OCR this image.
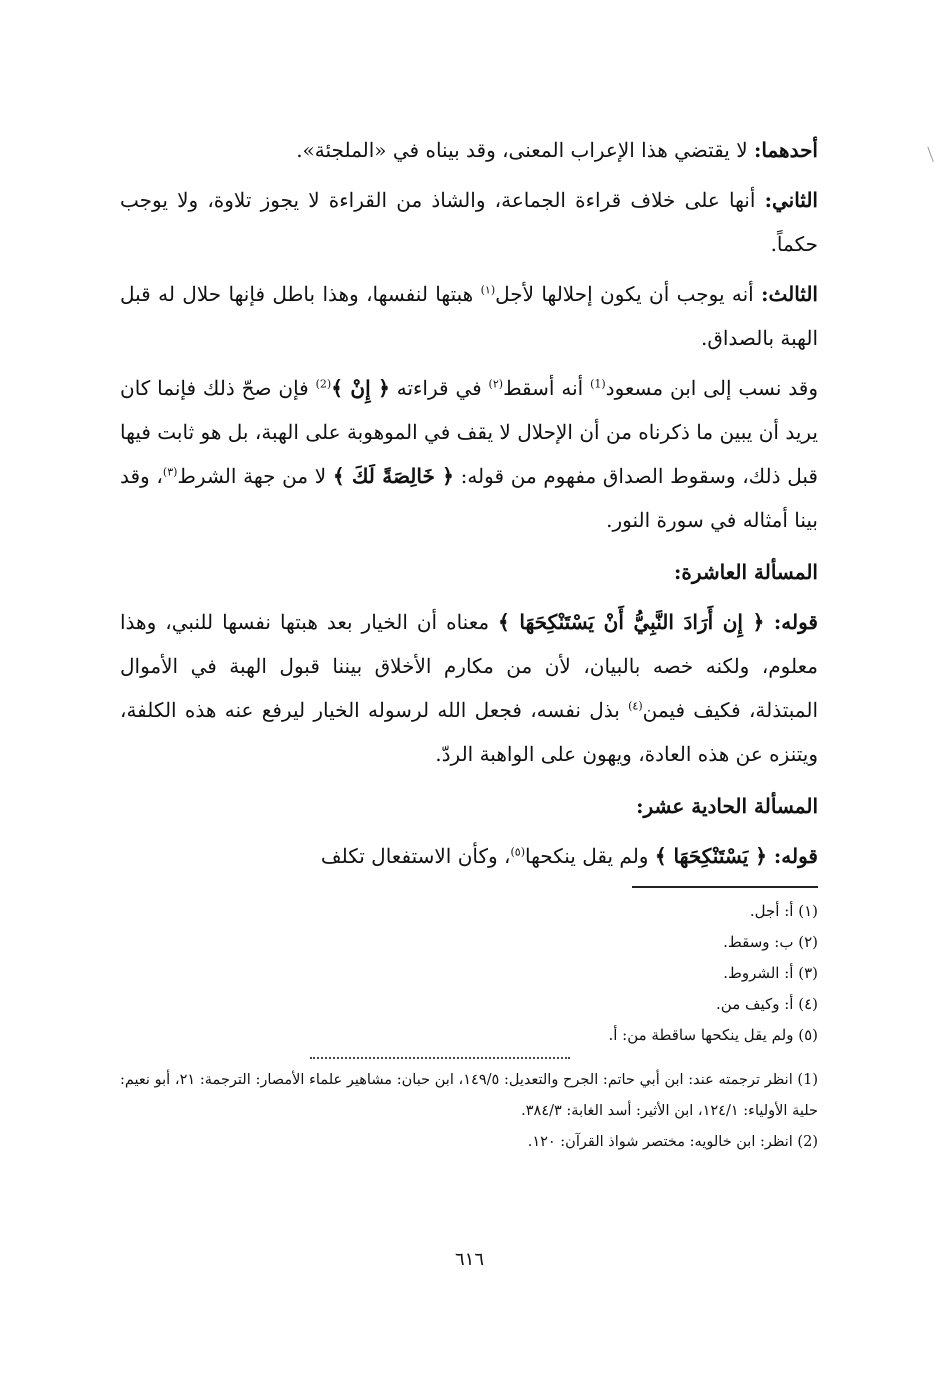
أحدهما: لا يقتضي هذا الإعراب المعنى، وقد بيناه في «الملجئة».

الثاني: أنها على خلاف قراءة الجماعة، والشاذ من القراءة لا يجوز تلاوة، ولا يوجب حكماً.

الثالث: أنه يوجب أن يكون إحلالها لأجل$^{(١)}$ هبتها لنفسها، وهذا باطل فإنها حلال له قبل الهبة بالصداق.

وقد نسب إلى ابن مسعود$^{(1)}$ أنه أسقط$^{(٢)}$ في قراءته ﴿ إِنْ ﴾$^{(2)}$ فإن صحّ ذلك فإنما كان يريد أن يبين ما ذكرناه من أن الإحلال لا يقف في الموهوبة على الهبة، بل هو ثابت فيها قبل ذلك، وسقوط الصداق مفهوم من قوله: ﴿ خَالِصَةً لَكَ ﴾ لا من جهة الشرط$^{(٣)}$، وقد بينا أمثاله في سورة النور.

المسألة العاشرة:

قوله: ﴿ إِن أَرَادَ النَّبِيُّ أَنْ يَسْتَنْكِحَهَا ﴾ معناه أن الخيار بعد هبتها نفسها للنبي، وهذا معلوم، ولكنه خصه بالبيان، لأن من مكارم الأخلاق بيننا قبول الهبة في الأموال المبتذلة، فكيف فيمن$^{(٤)}$ بذل نفسه، فجعل الله لرسوله الخيار ليرفع عنه هذه الكلفة، ويتنزه عن هذه العادة، ويهون على الواهبة الردّ.

المسألة الحادية عشر:

قوله: ﴿ يَسْتَنْكِحَهَا ﴾ ولم يقل ينكحها$^{(٥)}$، وكأن الاستفعال تكلف

(١) أ: أجل.

(٢) ب: وسقط.

(٣) أ: الشروط.

(٤) أ: وكيف من.

(٥) ولم يقل ينكحها ساقطة من: أ.

(1) انظر ترجمته عند: ابن أبي حاتم: الجرح والتعديل: ١٤٩/٥، ابن حبان: مشاهير علماء الأمصار: الترجمة: ٢١، أبو نعيم: حلية الأولياء: ١٢٤/١، ابن الأثير: أسد الغابة: ٣٨٤/٣.

(2) انظر: ابن خالويه: مختصر شواذ القرآن: ١٢٠.

٦١٦
